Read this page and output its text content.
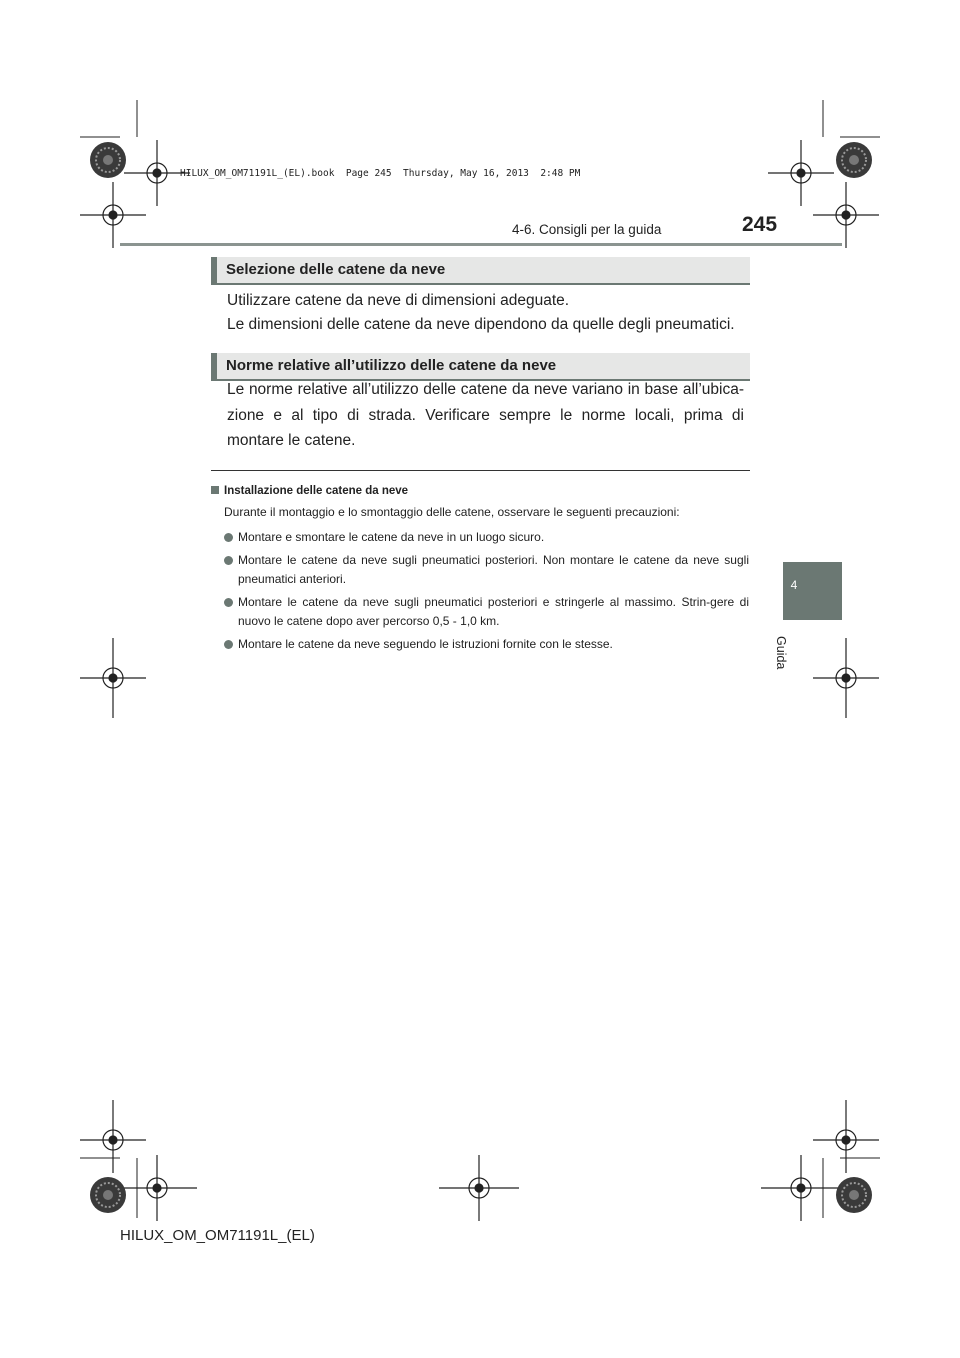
HILUX_OM_OM71191L_(EL).book  Page 245  Thursday, May 16, 2013  2:48 PM
4-6. Consigli per la guida	245
4
Guida
Selezione delle catene da neve
Utilizzare catene da neve di dimensioni adeguate.
Le dimensioni delle catene da neve dipendono da quelle degli pneumatici.
Norme relative all’utilizzo delle catene da neve
Le norme relative all’utilizzo delle catene da neve variano in base all’ubica-zione e al tipo di strada. Verificare sempre le norme locali, prima di montare le catene.
Installazione delle catene da neve
Durante il montaggio e lo smontaggio delle catene, osservare le seguenti precauzioni:
Montare e smontare le catene da neve in un luogo sicuro.
Montare le catene da neve sugli pneumatici posteriori. Non montare le catene da neve sugli pneumatici anteriori.
Montare le catene da neve sugli pneumatici posteriori e stringerle al massimo. Strin-gere di nuovo le catene dopo aver percorso 0,5 - 1,0 km.
Montare le catene da neve seguendo le istruzioni fornite con le stesse.
HILUX_OM_OM71191L_(EL)
